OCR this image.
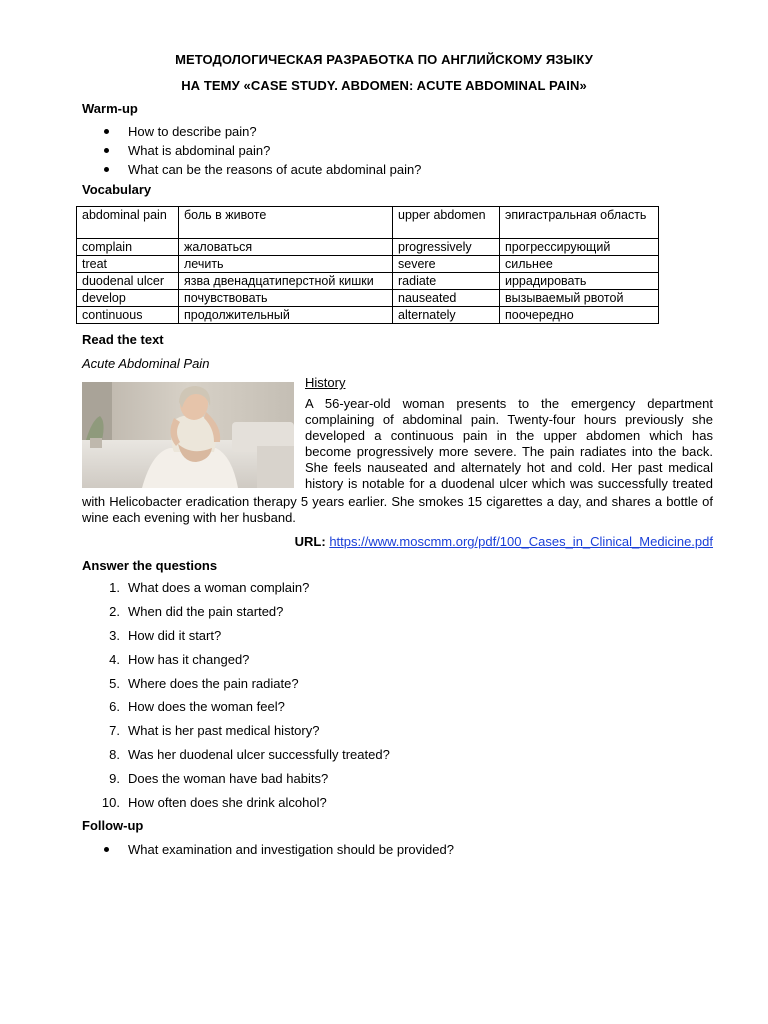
МЕТОДОЛОГИЧЕСКАЯ РАЗРАБОТКА ПО АНГЛИЙСКОМУ ЯЗЫКУ
НА ТЕМУ «CASE STUDY. ABDOMEN: ACUTE ABDOMINAL PAIN»
Warm-up
How to describe pain?
What is abdominal pain?
What can be the reasons of acute abdominal pain?
Vocabulary
abdominal pain	боль в животе	upper abdomen	эпигастральная область
complain	жаловаться	progressively	прогрессирующий
treat	лечить	severe	сильнее
duodenal ulcer	язва двенадцатиперстной кишки	radiate	иррадировать
develop	почувствовать	nauseated	вызываемый рвотой
continuous	продолжительный	alternately	поочередно
Read the text
Acute Abdominal Pain
History
A 56-year-old woman presents to the emergency department
complaining of abdominal pain. Twenty-four hours previously she
developed a continuous pain in the upper abdomen which has
become progressively more severe. The pain radiates into the back.
She feels nauseated and alternately hot and cold. Her past medical
history is notable for a duodenal ulcer which was successfully treated
with Helicobacter eradication therapy 5 years earlier. She smokes 15 cigarettes a day, and shares a bottle of
wine each evening with her husband.
URL: https://www.moscmm.org/pdf/100_Cases_in_Clinical_Medicine.pdf
Answer the questions
1. What does a woman complain?
2. When did the pain started?
3. How did it start?
4. How has it changed?
5. Where does the pain radiate?
6. How does the woman feel?
7. What is her past medical history?
8. Was her duodenal ulcer successfully treated?
9. Does the woman have bad habits?
10. How often does she drink alcohol?
Follow-up
What examination and investigation should be provided?
